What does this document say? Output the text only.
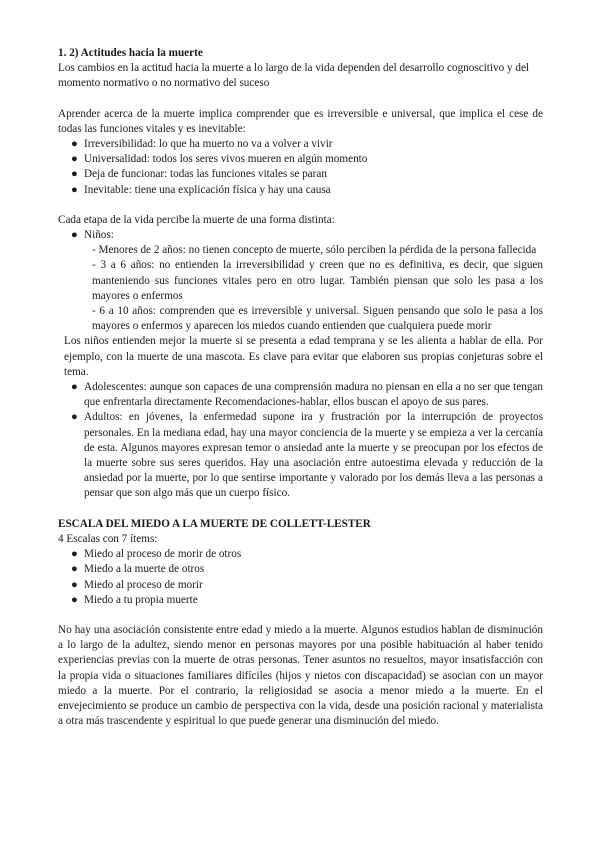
1. 2) Actitudes hacia la muerte

Los cambios en la actitud hacia la muerte a lo largo de la vida dependen del desarrollo cognoscitivo y del momento normativo o no normativo del suceso

Aprender acerca de la muerte implica comprender que es irreversible e universal, que implica el cese de todas las funciones vitales y es inevitable:

● Irreversibilidad: lo que ha muerto no va a volver a vivir
● Universalidad: todos los seres vivos mueren en algún momento
● Deja de funcionar: todas las funciones vitales se paran
● Inevitable: tiene una explicación física y hay una causa

Cada etapa de la vida percibe la muerte de una forma distinta:

● Niños:

- Menores de 2 años: no tienen concepto de muerte, sólo perciben la pérdida de la persona fallecida

- 3 a 6 años: no entienden la irreversibilidad y creen que no es definitiva, es decir, que siguen manteniendo sus funciones vitales pero en otro lugar. También piensan que solo les pasa a los mayores o enfermos

- 6 a 10 años: comprenden que es irreversible y universal. Siguen pensando que solo le pasa a los mayores o enfermos y aparecen los miedos cuando entienden que cualquiera puede morir

Los niños entienden mejor la muerte si se presenta a edad temprana y se les alienta a hablar de ella. Por ejemplo, con la muerte de una mascota. Es clave para evitar que elaboren sus propias conjeturas sobre el tema.

● Adolescentes: aunque son capaces de una comprensión madura no piensan en ella a no ser que tengan que enfrentarla directamente Recomendaciones-hablar, ellos buscan el apoyo de sus pares.
● Adultos: en jóvenes, la enfermedad supone ira y frustración por la interrupción de proyectos personales. En la mediana edad, hay una mayor conciencia de la muerte y se empieza a ver la cercanía de esta. Algunos mayores expresan temor o ansiedad ante la muerte y se preocupan por los efectos de la muerte sobre sus seres queridos. Hay una asociación entre autoestima elevada y reducción de la ansiedad por la muerte, por lo que sentirse importante y valorado por los demás lleva a las personas a pensar que son algo más que un cuerpo físico.
ESCALA DEL MIEDO A LA MUERTE DE COLLETT-LESTER

4 Escalas con 7 ítems:

● Miedo al proceso de morir de otros
● Miedo a la muerte de otros
● Miedo al proceso de morir
● Miedo a tu propia muerte

No hay una asociación consistente entre edad y miedo a la muerte. Algunos estudios hablan de disminución a lo largo de la adultez, siendo menor en personas mayores por una posible habituación al haber tenido experiencias previas con la muerte de otras personas. Tener asuntos no resueltos, mayor insatisfacción con la propia vida o situaciones familiares difíciles (hijos y nietos con discapacidad) se asocian con un mayor miedo a la muerte. Por el contrario, la religiosidad se asocia a menor miedo a la muerte. En el envejecimiento se produce un cambio de perspectiva con la vida, desde una posición racional y materialista a otra más trascendente y espiritual lo que puede generar una disminución del miedo.
